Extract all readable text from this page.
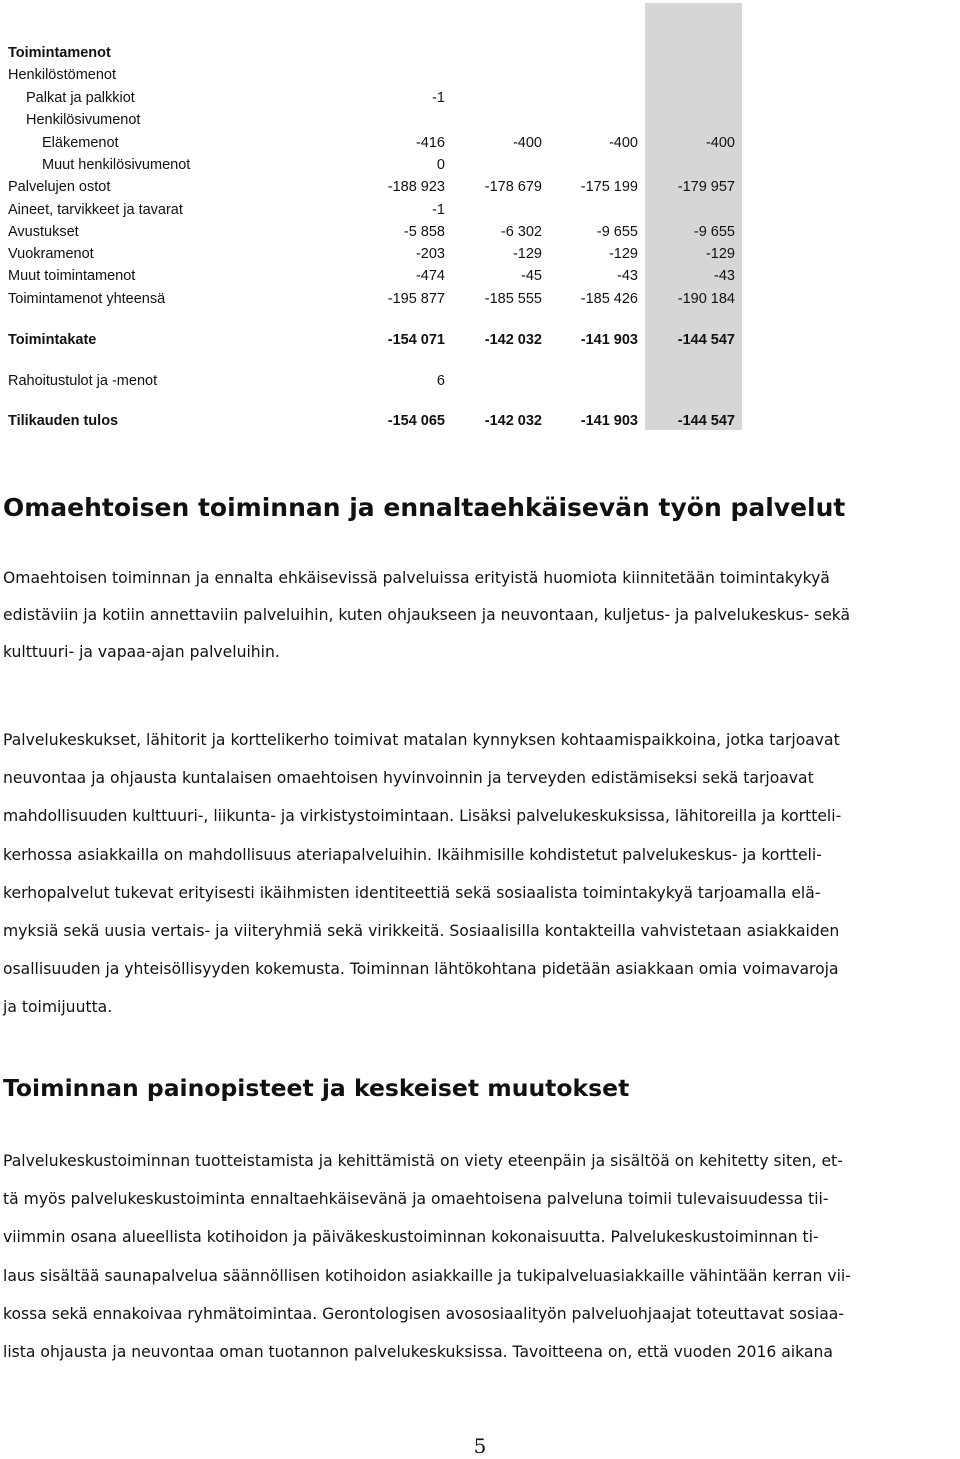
Toimintamenot
Henkilöstömenot
Palkat ja palkkiot	-1
Henkilösivumenot
Eläkemenot	-416	-400	-400	-400
Muut henkilösivumenot	0
Palvelujen ostot	-188 923	-178 679	-175 199	-179 957
Aineet, tarvikkeet ja tavarat	-1
Avustukset	-5 858	-6 302	-9 655	-9 655
Vuokramenot	-203	-129	-129	-129
Muut toimintamenot	-474	-45	-43	-43
Toimintamenot yhteensä	-195 877	-185 555	-185 426	-190 184
Toimintakate	-154 071	-142 032	-141 903	-144 547
Rahoitustulot ja -menot	6
Tilikauden tulos	-154 065	-142 032	-141 903	-144 547
Omaehtoisen toiminnan ja ennaltaehkäisevän työn palvelut
Omaehtoisen toiminnan ja ennalta ehkäisevissä palveluissa erityistä huomiota kiinnitetään toimintakykyä
edistäviin ja kotiin annettaviin palveluihin, kuten ohjaukseen ja neuvontaan, kuljetus- ja palvelukeskus- sekä
kulttuuri- ja vapaa-ajan palveluihin.
Palvelukeskukset, lähitorit ja korttelikerho toimivat matalan kynnyksen kohtaamispaikkoina, jotka tarjoavat
neuvontaa ja ohjausta kuntalaisen omaehtoisen hyvinvoinnin ja terveyden edistämiseksi sekä tarjoavat
mahdollisuuden kulttuuri-, liikunta- ja virkistystoimintaan. Lisäksi palvelukeskuksissa, lähitoreilla ja kortteli-
kerhossa asiakkailla on mahdollisuus ateriapalveluihin. Ikäihmisille kohdistetut palvelukeskus- ja kortteli-
kerhopalvelut tukevat erityisesti ikäihmisten identiteettiä sekä sosiaalista toimintakykyä tarjoamalla elä-
myksiä sekä uusia vertais- ja viiteryhmiä sekä virikkeitä. Sosiaalisilla kontakteilla vahvistetaan asiakkaiden
osallisuuden ja yhteisöllisyyden kokemusta. Toiminnan lähtökohtana pidetään asiakkaan omia voimavaroja
ja toimijuutta.
Toiminnan painopisteet ja keskeiset muutokset
Palvelukeskustoiminnan tuotteistamista ja kehittämistä on viety eteenpäin ja sisältöä on kehitetty siten, et-
tä myös palvelukeskustoiminta ennaltaehkäisevänä ja omaehtoisena palveluna toimii tulevaisuudessa tii-
viimmin osana alueellista kotihoidon ja päiväkeskustoiminnan kokonaisuutta. Palvelukeskustoiminnan ti-
laus sisältää saunapalvelua säännöllisen kotihoidon asiakkaille ja tukipalveluasiakkaille vähintään kerran vii-
kossa sekä ennakoivaa ryhmätoimintaa. Gerontologisen avososiaalityön palveluohjaajat toteuttavat sosiaa-
lista ohjausta ja neuvontaa oman tuotannon palvelukeskuksissa. Tavoitteena on, että vuoden 2016 aikana
5
